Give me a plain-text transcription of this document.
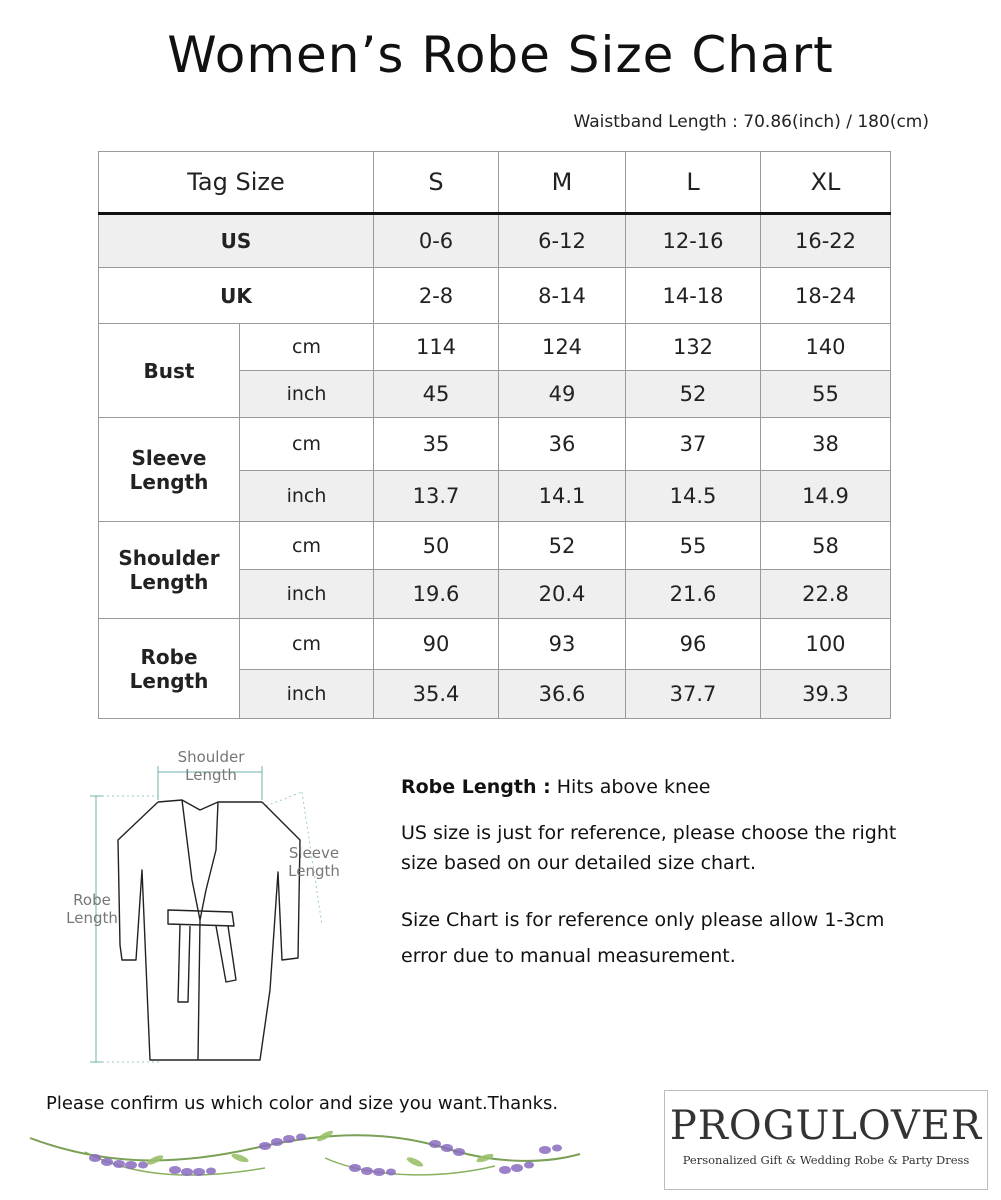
Women’s Robe Size Chart
Waistband Length : 70.86(inch) / 180(cm)
Tag Size		S	M	L	XL
US		0-6	6-12	12-16	16-22
UK		2-8	8-14	14-18	18-24

Bust	cm	114	124	132	140
	inch	45	49	52	55

Sleeve
Length	cm	35	36	37	38
	inch	13.7	14.1	14.5	14.9

Shoulder
Length	cm	50	52	55	58
	inch	19.6	20.4	21.6	22.8

Robe
Length	cm	90	93	96	100
	inch	35.4	36.6	37.7	39.3
Shoulder
Length
Sleeve
Length
Robe
Length
Robe Length : Hits above knee
US size is just for reference, please choose the right
size based on our detailed size chart.
Size Chart is for reference only please allow 1-3cm
error due to manual measurement.
Please confirm us which color and size you want.Thanks.	PROGULOVER
Personalized Gift & Wedding Robe & Party Dress
